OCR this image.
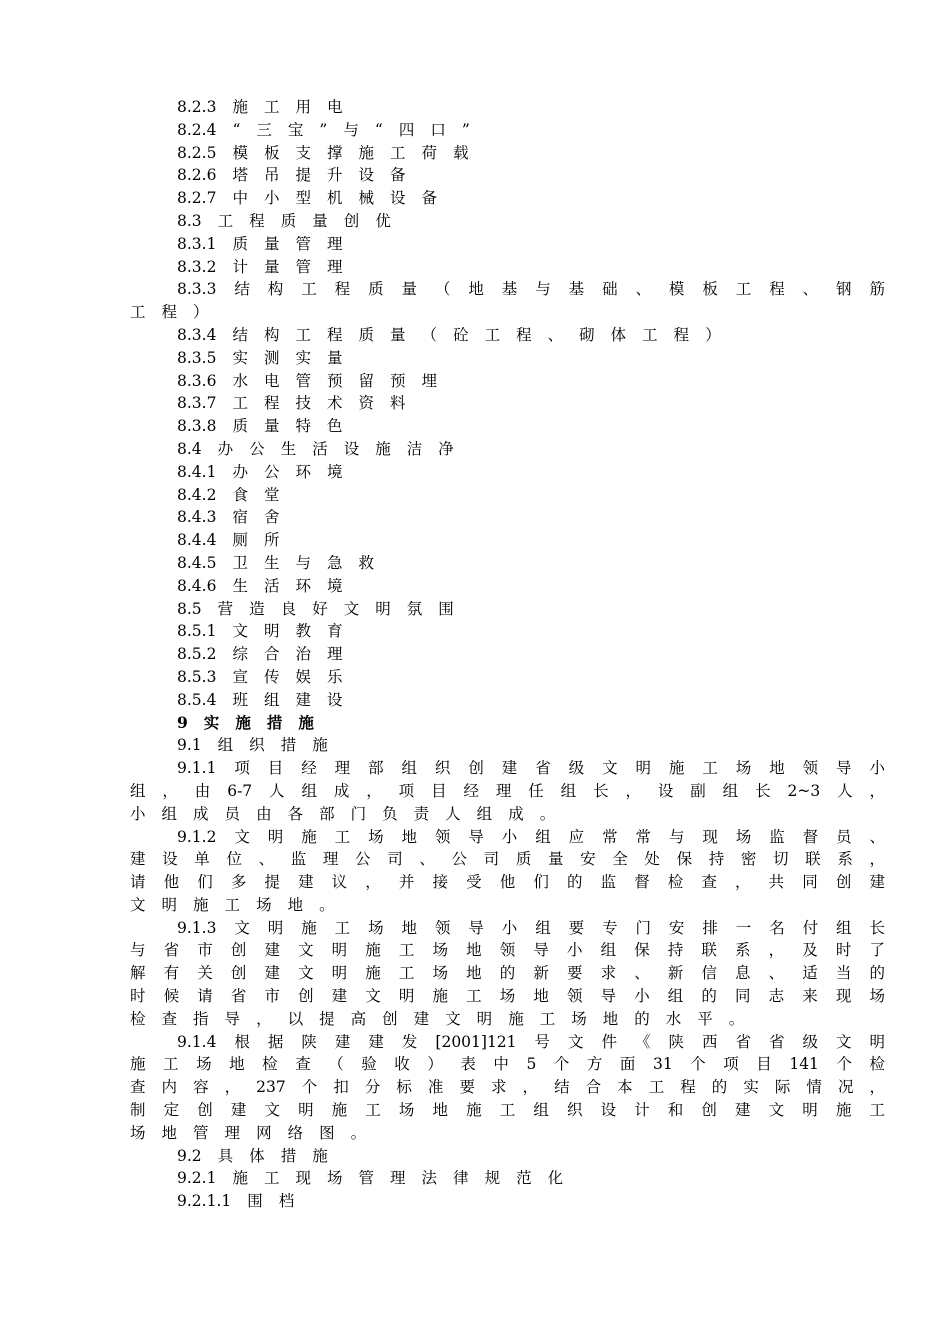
8.2.3 施 工 用 电
8.2.4 “ 三 宝 ” 与 “ 四 口 ”
8.2.5 模 板 支 撑 施 工 荷 载
8.2.6 塔 吊 提 升 设 备
8.2.7 中 小 型 机 械 设 备
8.3 工 程 质 量 创 优
8.3.1 质 量 管 理
8.3.2 计 量 管 理
8.3.3 结 构 工 程 质 量 （ 地 基 与 基 础 、 模 板 工 程 、 钢 筋
工 程 ）
8.3.4 结 构 工 程 质 量 （ 砼 工 程 、 砌 体 工 程 ）
8.3.5 实 测 实 量
8.3.6 水 电 管 预 留 预 埋
8.3.7 工 程 技 术 资 料
8.3.8 质 量 特 色
8.4 办 公 生 活 设 施 洁 净
8.4.1 办 公 环 境
8.4.2 食 堂
8.4.3 宿 舍
8.4.4 厕 所
8.4.5 卫 生 与 急 救
8.4.6 生 活 环 境
8.5 营 造 良 好 文 明 氛 围
8.5.1 文 明 教 育
8.5.2 综 合 治 理
8.5.3 宣 传 娱 乐
8.5.4 班 组 建 设
9 实 施 措 施
9.1 组 织 措 施
9.1.1 项 目 经 理 部 组 织 创 建 省 级 文 明 施 工 场 地 领 导 小
组 ， 由 6-7 人 组 成 ， 项 目 经 理 任 组 长 ， 设 副 组 长 2~3 人 ，
小 组 成 员 由 各 部 门 负 责 人 组 成 。
9.1.2 文 明 施 工 场 地 领 导 小 组 应 常 常 与 现 场 监 督 员 、
建 设 单 位 、 监 理 公 司 、 公 司 质 量 安 全 处 保 持 密 切 联 系 ，
请 他 们 多 提 建 议 ， 并 接 受 他 们 的 监 督 检 查 ， 共 同 创 建
文 明 施 工 场 地 。
9.1.3 文 明 施 工 场 地 领 导 小 组 要 专 门 安 排 一 名 付 组 长
与 省 市 创 建 文 明 施 工 场 地 领 导 小 组 保 持 联 系 ， 及 时 了
解 有 关 创 建 文 明 施 工 场 地 的 新 要 求 、 新 信 息 、 适 当 的
时 候 请 省 市 创 建 文 明 施 工 场 地 领 导 小 组 的 同 志 来 现 场
检 查 指 导 ， 以 提 高 创 建 文 明 施 工 场 地 的 水 平 。
9.1.4 根 据 陕 建 建 发 [2001]121 号 文 件 《 陕 西 省 省 级 文 明
施 工 场 地 检 查 （ 验 收 ） 表 中 5 个 方 面 31 个 项 目 141 个 检
查 内 容 ， 237 个 扣 分 标 准 要 求 ， 结 合 本 工 程 的 实 际 情 况 ，
制 定 创 建 文 明 施 工 场 地 施 工 组 织 设 计 和 创 建 文 明 施 工
场 地 管 理 网 络 图 。
9.2 具 体 措 施
9.2.1 施 工 现 场 管 理 法 律 规 范 化
9.2.1.1 围 档
